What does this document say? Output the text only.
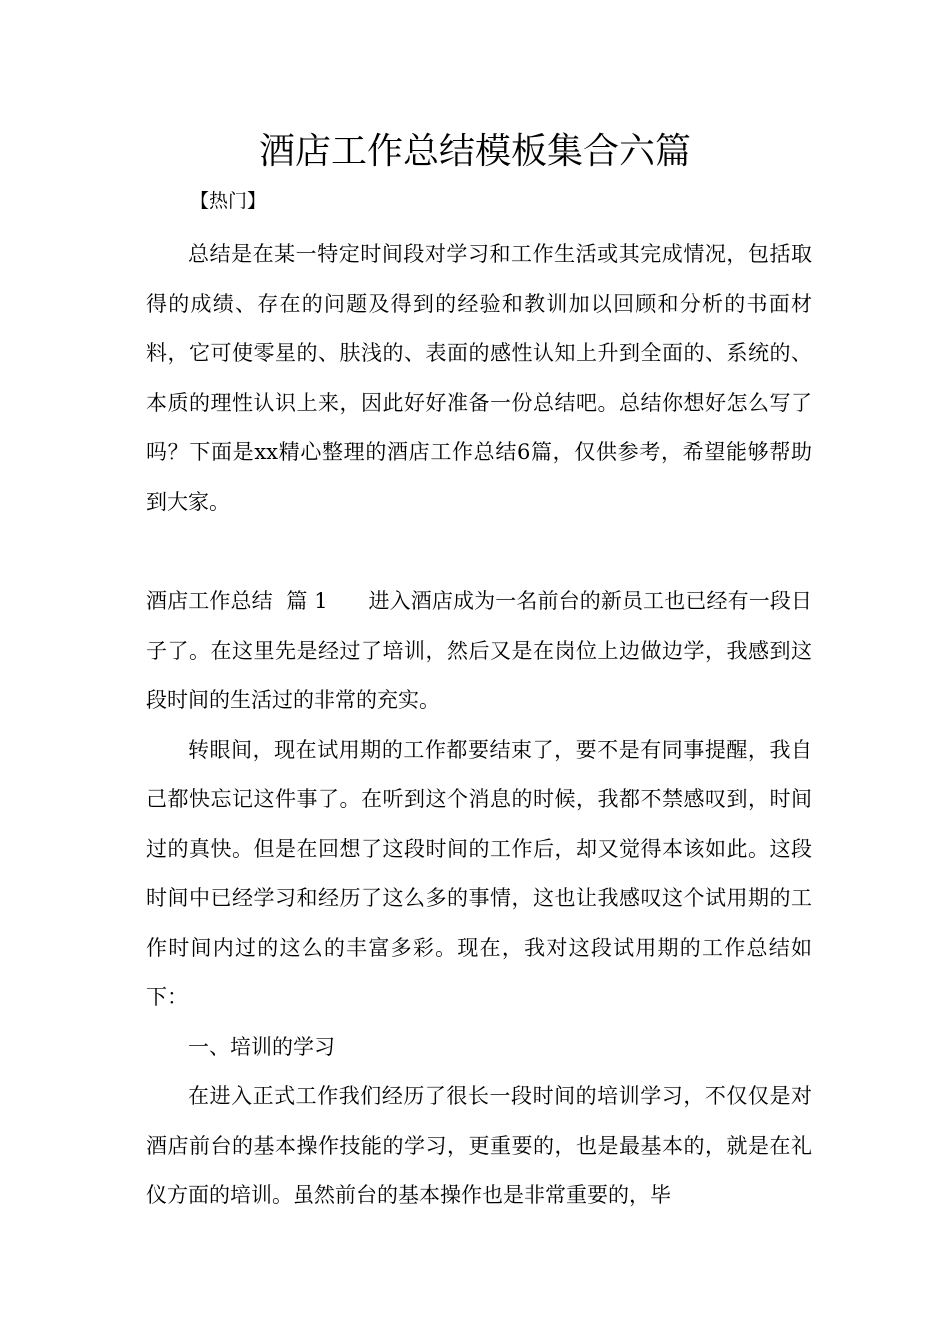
酒店工作总结模板集合六篇
【热门】

总结是在某一特定时间段对学习和工作生活或其完成情况，包括取得的成绩、存在的问题及得到的经验和教训加以回顾和分析的书面材料，它可使零星的、肤浅的、表面的感性认知上升到全面的、系统的、本质的理性认识上来，因此好好准备一份总结吧。总结你想好怎么写了吗？下面是xx精心整理的酒店工作总结6篇，仅供参考，希望能够帮助到大家。

酒店工作总结  篇 1 进入酒店成为一名前台的新员工也已经有一段日子了。在这里先是经过了培训，然后又是在岗位上边做边学，我感到这段时间的生活过的非常的充实。

转眼间，现在试用期的工作都要结束了，要不是有同事提醒，我自己都快忘记这件事了。在听到这个消息的时候，我都不禁感叹到，时间过的真快。但是在回想了这段时间的工作后，却又觉得本该如此。这段时间中已经学习和经历了这么多的事情，这也让我感叹这个试用期的工作时间内过的这么的丰富多彩。现在，我对这段试用期的工作总结如下：

一、培训的学习

在进入正式工作我们经历了很长一段时间的培训学习，不仅仅是对酒店前台的基本操作技能的学习，更重要的，也是最基本的，就是在礼仪方面的培训。虽然前台的基本操作也是非常重要的，毕
